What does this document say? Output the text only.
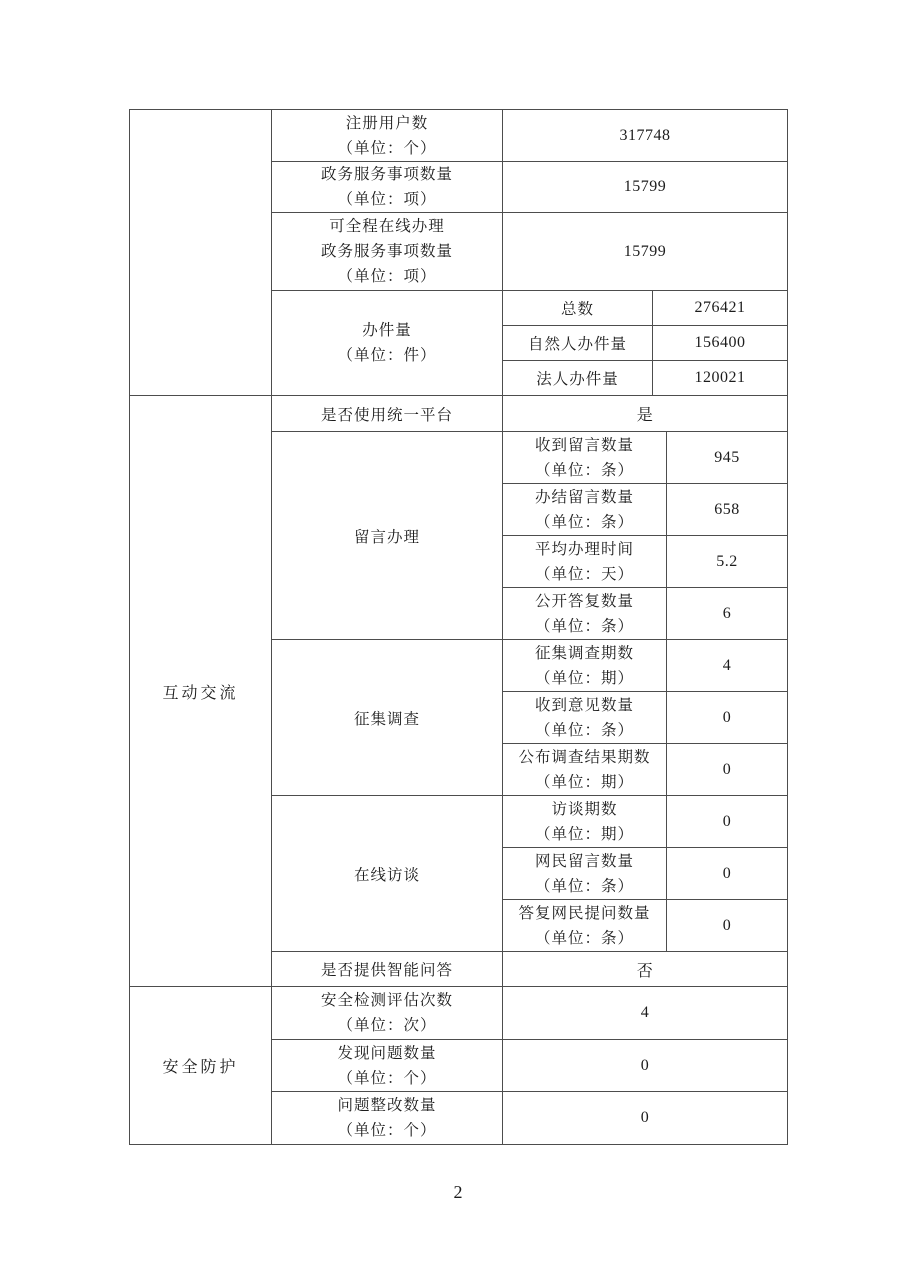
	注册用户数
（单位：个）	317748		

	政务服务事项数量
（单位：项）	15799		

	可全程在线办理
政务服务事项数量
（单位：项）	15799		

	办件量
（单位：件）	总数	276421	
		自然人办件量	156400	
		法人办件量	120021	
互动交流	是否使用统一平台	是		
	留言办理	收到留言数量
（单位：条）		945

		办结留言数量
（单位：条）		658

		平均办理时间
（单位：天）		5.2

		公开答复数量
（单位：条）		6
	征集调查	征集调查期数
（单位：期）		4

		收到意见数量
（单位：条）		0

		公布调查结果期数
（单位：期）		0
	在线访谈	访谈期数
（单位：期）		0

		网民留言数量
（单位：条）		0

		答复网民提问数量
（单位：条）		0
	是否提供智能问答	否		
安全防护	安全检测评估次数
（单位：次）	4		

	发现问题数量
（单位：个）	0		

	问题整改数量
（单位：个）	0		
2
